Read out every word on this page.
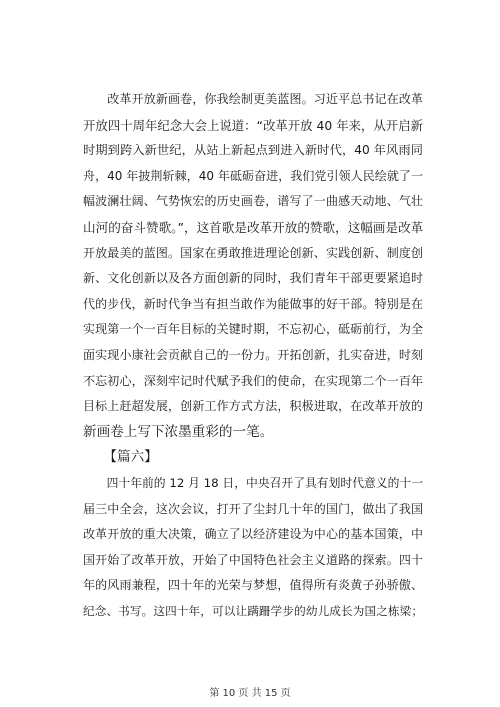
　　改革开放新画卷，你我绘制更美蓝图。习近平总书记在改革
开放四十周年纪念大会上说道：“改革开放 40 年来，从开启新
时期到跨入新世纪，从站上新起点到进入新时代，40 年风雨同
舟，40 年披荆斩棘，40 年砥砺奋进，我们党引领人民绘就了一
幅波澜壮阔、气势恢宏的历史画卷，谱写了一曲感天动地、气壮
山河的奋斗赞歌。”，这首歌是改革开放的赞歌，这幅画是改革
开放最美的蓝图。国家在勇敢推进理论创新、实践创新、制度创
新、文化创新以及各方面创新的同时，我们青年干部更要紧追时
代的步伐，新时代争当有担当敢作为能做事的好干部。特别是在
实现第一个一百年目标的关键时期，不忘初心，砥砺前行，为全
面实现小康社会贡献自己的一份力。开拓创新，扎实奋进，时刻
不忘初心，深刻牢记时代赋予我们的使命，在实现第二个一百年
目标上赶超发展，创新工作方式方法，积极进取，在改革开放的
新画卷上写下浓墨重彩的一笔。
　　【篇六】
　　四十年前的 12 月 18 日，中央召开了具有划时代意义的十一
届三中全会，这次会议，打开了尘封几十年的国门，做出了我国
改革开放的重大决策，确立了以经济建设为中心的基本国策，中
国开始了改革开放，开始了中国特色社会主义道路的探索。四十
年的风雨兼程，四十年的光荣与梦想，值得所有炎黄子孙骄傲、
纪念、书写。这四十年，可以让蹒跚学步的幼儿成长为国之栋梁；
第 10 页 共 15 页
